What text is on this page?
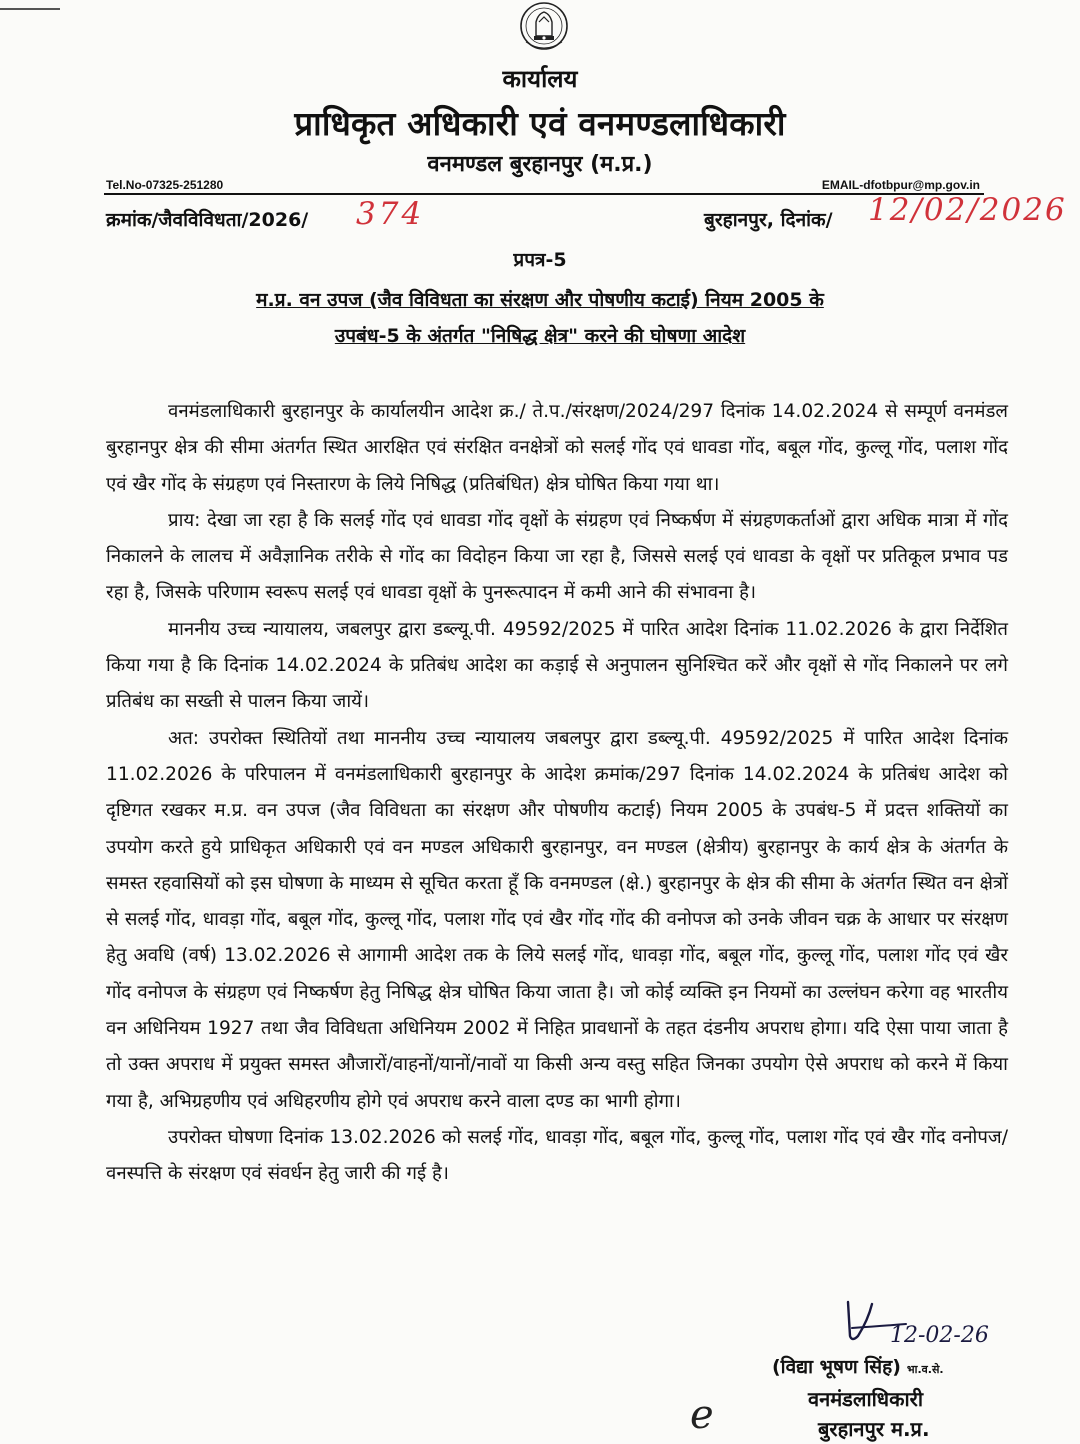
कार्यालय
प्राधिकृत अधिकारी एवं वनमण्डलाधिकारी
वनमण्डल बुरहानपुर (म.प्र.)
Tel.No-07325-251280	EMAIL-dfotbpur@mp.gov.in
क्रमांक/जैवविविधता/2026/ 374	बुरहानपुर, दिनांक/ 12/02/2026
प्रपत्र-5
म.प्र. वन उपज (जैव विविधता का संरक्षण और पोषणीय कटाई) नियम 2005 के
उपबंध-5 के अंतर्गत "निषिद्ध क्षेत्र" करने की घोषणा आदेश

वनमंडलाधिकारी बुरहानपुर के कार्यालयीन आदेश क्र./ ते.प./संरक्षण/2024/297 दिनांक 14.02.2024 से सम्पूर्ण वनमंडल बुरहानपुर क्षेत्र की सीमा अंतर्गत स्थित आरक्षित एवं संरक्षित वनक्षेत्रों को सलई गोंद एवं धावडा गोंद, बबूल गोंद, कुल्लू गोंद, पलाश गोंद एवं खैर गोंद के संग्रहण एवं निस्तारण के लिये निषिद्ध (प्रतिबंधित) क्षेत्र घोषित किया गया था।

प्राय: देखा जा रहा है कि सलई गोंद एवं धावडा गोंद वृक्षों के संग्रहण एवं निष्कर्षण में संग्रहणकर्ताओं द्वारा अधिक मात्रा में गोंद निकालने के लालच में अवैज्ञानिक तरीके से गोंद का विदोहन किया जा रहा है, जिससे सलई एवं धावडा के वृक्षों पर प्रतिकूल प्रभाव पड रहा है, जिसके परिणाम स्वरूप सलई एवं धावडा वृक्षों के पुनरूत्पादन में कमी आने की संभावना है।

माननीय उच्च न्यायालय, जबलपुर द्वारा डब्ल्यू.पी. 49592/2025 में पारित आदेश दिनांक 11.02.2026 के द्वारा निर्देशित किया गया है कि दिनांक 14.02.2024 के प्रतिबंध आदेश का कड़ाई से अनुपालन सुनिश्चित करें और वृक्षों से गोंद निकालने पर लगे प्रतिबंध का सख्ती से पालन किया जायें।

अत: उपरोक्त स्थितियों तथा माननीय उच्च न्यायालय जबलपुर द्वारा डब्ल्यू.पी. 49592/2025 में पारित आदेश दिनांक 11.02.2026 के परिपालन में वनमंडलाधिकारी बुरहानपुर के आदेश क्रमांक/297 दिनांक 14.02.2024 के प्रतिबंध आदेश को दृष्टिगत रखकर म.प्र. वन उपज (जैव विविधता का संरक्षण और पोषणीय कटाई) नियम 2005 के उपबंध-5 में प्रदत्त शक्तियों का उपयोग करते हुये प्राधिकृत अधिकारी एवं वन मण्डल अधिकारी बुरहानपुर, वन मण्डल (क्षेत्रीय) बुरहानपुर के कार्य क्षेत्र के अंतर्गत के समस्त रहवासियों को इस घोषणा के माध्यम से सूचित करता हूँ कि वनमण्डल (क्षे.) बुरहानपुर के क्षेत्र की सीमा के अंतर्गत स्थित वन क्षेत्रों से सलई गोंद, धावड़ा गोंद, बबूल गोंद, कुल्लू गोंद, पलाश गोंद एवं खैर गोंद गोंद की वनोपज को उनके जीवन चक्र के आधार पर संरक्षण हेतु अवधि (वर्ष) 13.02.2026 से आगामी आदेश तक के लिये सलई गोंद, धावड़ा गोंद, बबूल गोंद, कुल्लू गोंद, पलाश गोंद एवं खैर गोंद वनोपज के संग्रहण एवं निष्कर्षण हेतु निषिद्ध क्षेत्र घोषित किया जाता है। जो कोई व्यक्ति इन नियमों का उल्लंघन करेगा वह भारतीय वन अधिनियम 1927 तथा जैव विविधता अधिनियम 2002 में निहित प्रावधानों के तहत दंडनीय अपराध होगा। यदि ऐसा पाया जाता है तो उक्त अपराध में प्रयुक्त समस्त औजारों/वाहनों/यानों/नावों या किसी अन्य वस्तु सहित जिनका उपयोग ऐसे अपराध को करने में किया गया है, अभिग्रहणीय एवं अधिहरणीय होगे एवं अपराध करने वाला दण्ड का भागी होगा।

उपरोक्त घोषणा दिनांक 13.02.2026 को सलई गोंद, धावड़ा गोंद, बबूल गोंद, कुल्लू गोंद, पलाश गोंद एवं खैर गोंद वनोपज/वनस्पत्ति के संरक्षण एवं संवर्धन हेतु जारी की गई है।

12-02-26
e
(विद्या भूषण सिंह) भा.व.से.
वनमंडलाधिकारी
बुरहानपुर म.प्र.
